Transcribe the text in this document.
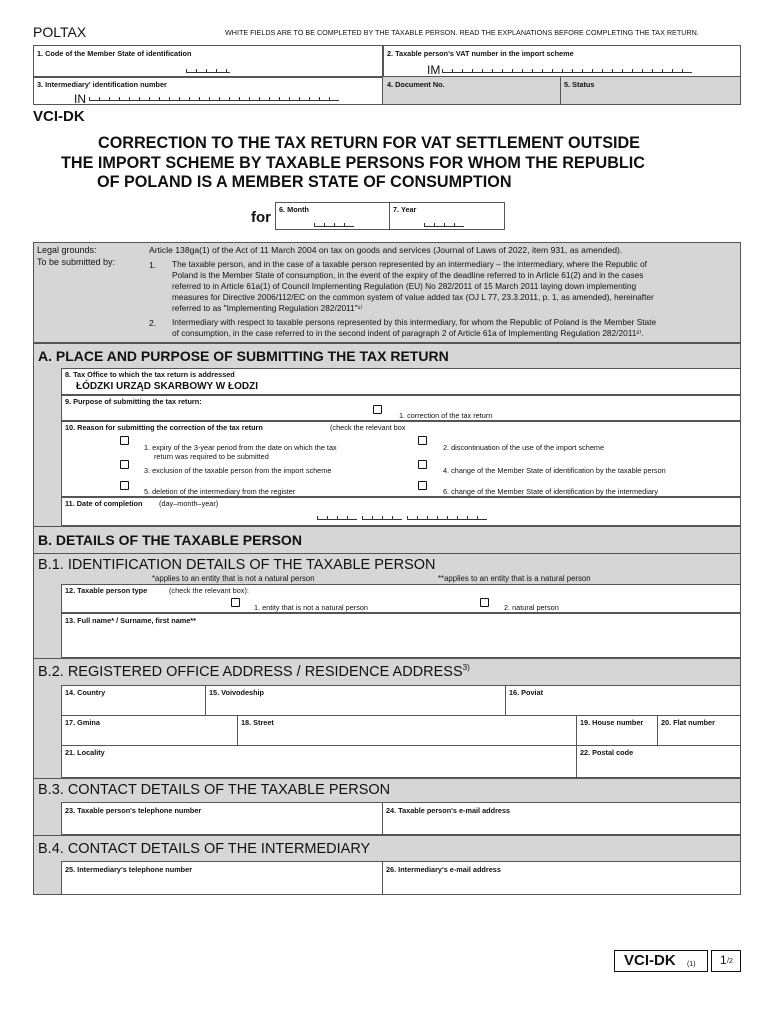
POLTAX	WHITE FIELDS ARE TO BE COMPLETED BY THE TAXABLE PERSON. READ THE EXPLANATIONS BEFORE COMPLETING THE TAX RETURN.
1. Code of the Member State of identification	2. Taxable person's VAT number in the import scheme
IM
3. Intermediary' identification number
IN
4. Document No.	5. Status
VCI-DK
CORRECTION TO THE TAX RETURN FOR VAT SETTLEMENT OUTSIDE
THE IMPORT SCHEME BY TAXABLE PERSONS FOR WHOM THE REPUBLIC
OF POLAND IS A MEMBER STATE OF CONSUMPTION
for 6. Month	7. Year
Legal grounds:	Article 138ga(1) of the Act of 11 March 2004 on tax on goods and services (Journal of Laws of 2022, item 931, as amended).
To be submitted by:	1. The taxable person, and in the case of a taxable person represented by an intermediary – the intermediary, where the Republic of
Poland is the Member State of consumption, in the event of the expiry of the deadline referred to in Article 61(2) and in the cases
referred to in Article 61a(1) of Council Implementing Regulation (EU) No 282/2011 of 15 March 2011 laying down implementing
measures for Directive 2006/112/EC on the common system of value added tax (OJ L 77, 23.3.2011, p. 1, as amended), hereinafter
referred to as "Implementing Regulation 282/2011"¹⁾
2. Intermediary with respect to taxable persons represented by this intermediary, for whom the Republic of Poland is the Member State
of consumption, in the case referred to in the second indent of paragraph 2 of Article 61a of Implementing Regulation 282/2011²⁾.
A. PLACE AND PURPOSE OF SUBMITTING THE TAX RETURN
8. Tax Office to which the tax return is addressed
ŁÓDZKI URZĄD SKARBOWY W ŁODZI
9. Purpose of submitting the tax return:
1. correction of the tax return
10. Reason for submitting the correction of the tax return	(check the relevant box
1. expiry of the 3-year period from the date on which the tax
return was required to be submitted
2. discontinuation of the use of the import scheme
3. exclusion of the taxable person from the import scheme	4. change of the Member State of identification by the taxable person
5. deletion of the intermediary from the register	6. change of the Member State of identification by the intermediary
11. Date of completion (day–month–year)
B. DETAILS OF THE TAXABLE PERSON
B.1. IDENTIFICATION DETAILS OF THE TAXABLE PERSON
*applies to an entity that is not a natural person	**applies to an entity that is a natural person
12. Taxable person type	(check the relevant box):
1. entity that is not a natural person	2. natural person
13. Full name* / Surname, first name**
B.2. REGISTERED OFFICE ADDRESS / RESIDENCE ADDRESS$^{3)}$
14. Country	15. Voivodeship	16. Poviat
17. Gmina	18. Street	19. House number 20. Flat number
21. Locality	22. Postal code
B.3. CONTACT DETAILS OF THE TAXABLE PERSON
23. Taxable person's telephone number	24. Taxable person's e-mail address
B.4. CONTACT DETAILS OF THE INTERMEDIARY
25. Intermediary's telephone number	26. Intermediary's e-mail address
VCI-DK (1) 1 /2
